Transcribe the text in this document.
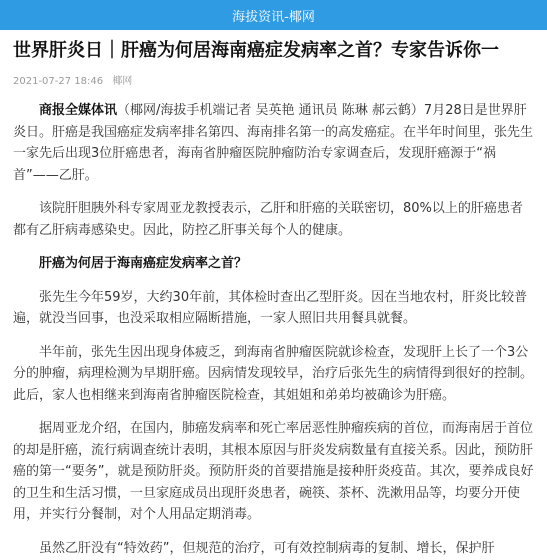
海拔资讯-椰网
世界肝炎日｜肝癌为何居海南癌症发病率之首？专家告诉你一
2021-07-27 18:46 椰网

商报全媒体讯（椰网/海拔手机端记者 吴英艳 通讯员 陈琳 郝云鹤）7月28日是世界肝炎日。肝癌是我国癌症发病率排名第四、海南排名第一的高发癌症。在半年时间里，张先生一家先后出现3位肝癌患者，海南省肿瘤医院肿瘤防治专家调查后，发现肝癌源于“祸首”——乙肝。

该院肝胆胰外科专家周亚龙教授表示，乙肝和肝癌的关联密切，80%以上的肝癌患者都有乙肝病毒感染史。因此，防控乙肝事关每个人的健康。

肝癌为何居于海南癌症发病率之首？

张先生今年59岁，大约30年前，其体检时查出乙型肝炎。因在当地农村，肝炎比较普遍，就没当回事，也没采取相应隔断措施，一家人照旧共用餐具就餐。

半年前，张先生因出现身体疲乏，到海南省肿瘤医院就诊检查，发现肝上长了一个3公分的肿瘤，病理检测为早期肝癌。因病情发现较早，治疗后张先生的病情得到很好的控制。此后，家人也相继来到海南省肿瘤医院检查，其姐姐和弟弟均被确诊为肝癌。

据周亚龙介绍，在国内，肺癌发病率和死亡率居恶性肿瘤疾病的首位，而海南居于首位的却是肝癌，流行病调查统计表明，其根本原因与肝炎发病数量有直接关系。因此，预防肝癌的第一“要务”，就是预防肝炎。预防肝炎的首要措施是接种肝炎疫苗。其次，要养成良好的卫生和生活习惯，一旦家庭成员出现肝炎患者，碗筷、茶杯、洗漱用品等，均要分开使用，并实行分餐制，对个人用品定期消毒。

虽然乙肝没有“特效药”，但规范的治疗，可有效控制病毒的复制、增长，保护肝
